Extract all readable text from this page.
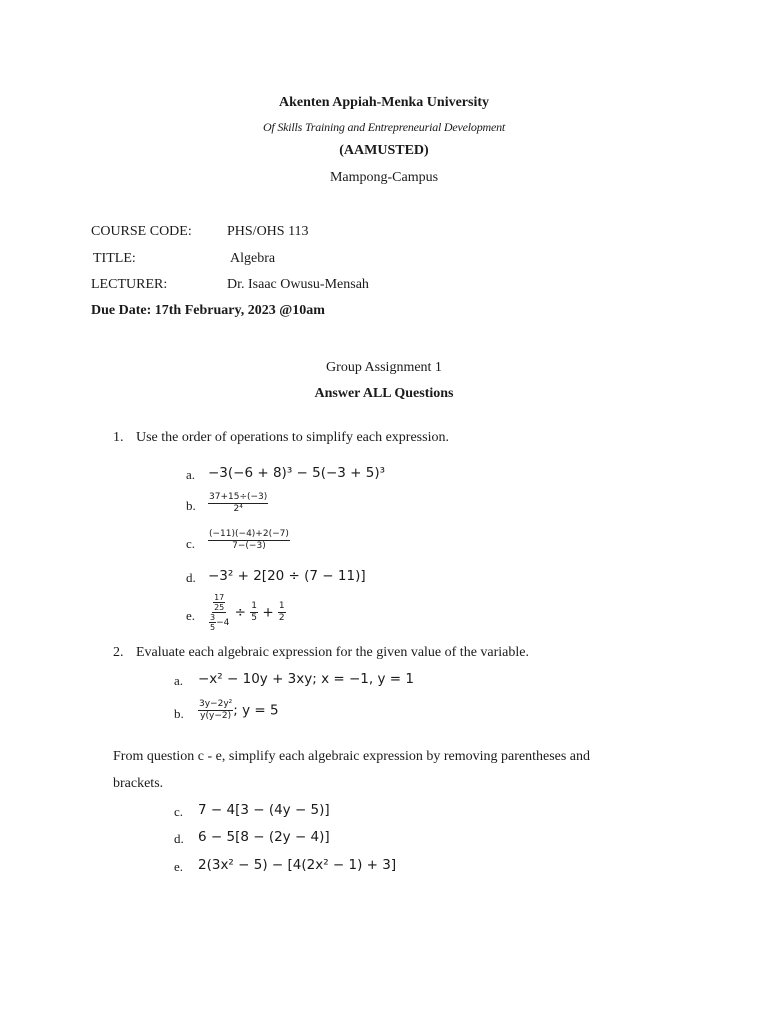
Akenten Appiah-Menka University
Of Skills Training and Entrepreneurial Development
(AAMUSTED)
Mampong-Campus
COURSE CODE:	PHS/OHS 113
TITLE:	Algebra
LECTURER:	Dr. Isaac Owusu-Mensah
Due Date: 17th February, 2023 @10am
Group Assignment 1
Answer ALL Questions
1. Use the order of operations to simplify each expression.
a. −3(−6 + 8)³ − 5(−3 + 5)³
b. $\frac{37+15\div(-3)}{\text{2⁴}}$
c. $\frac{(-11)(-4)+2(-7)}{7-(-3)}$
d. −3² + 2[20 ÷ (7 − 11)]
e. $\frac{\frac{17}{25}}{\frac{3}{5} -4} \div \frac{1}{5} + \frac{1}{2}$
2. Evaluate each algebraic expression for the given value of the variable.
a. −x² − 10y + 3xy; x = −1, y = 1
b. $\frac{\text{3y−2y²}}{y(y-2)}$ ; y = 5
From question c - e, simplify each algebraic expression by removing parentheses and
brackets.
c. 7 − 4[3 − (4y − 5)]
d. 6 − 5[8 − (2y − 4)]
e. 2(3x² − 5) − [4(2x² − 1) + 3]
